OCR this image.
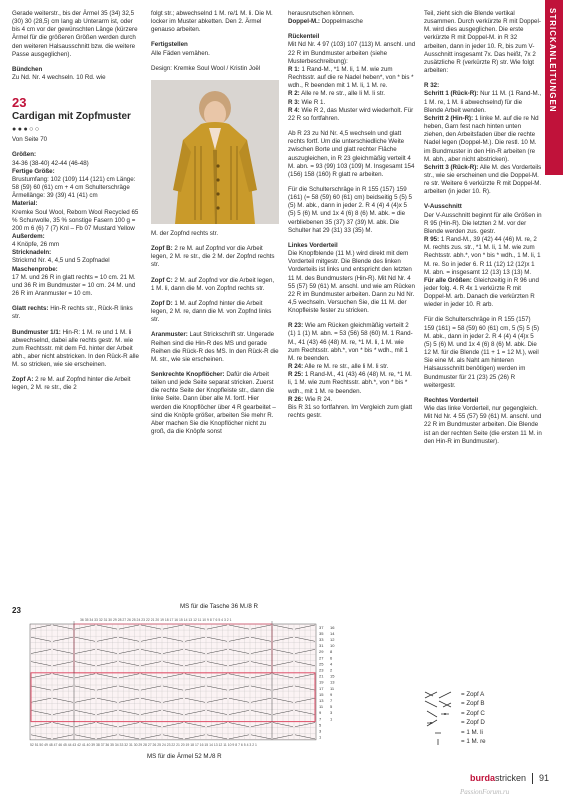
STRICKANLEITUNGEN

Gerade weiterstr., bis der Ärmel 35 (34) 32,5 (30) 30 (28,5) cm lang ab Unterarm ist, oder bis 4 cm vor der gewünschten Länge (kürzere Ärmel für die größeren Größen werden durch den weiteren Halsausschnitt bzw. die weitere Passe ausgeglichen).

Bündchen

Zu Nd. Nr. 4 wechseln. 10 Rd. wie

23
Cardigan mit Zopfmuster
●●●○○

Von Seite 70

Größen:

34-36 (38-40) 42-44 (46-48)

Fertige Größe:

Brustumfang: 102 (109) 114 (121) cm Länge: 58 (59) 60 (61) cm + 4 cm Schulterschräge Ärmellänge: 39 (39) 41 (41) cm

Material:

Kremke Soul Wool, Reborn Wool Recycled 65 % Schurwolle, 35 % sonstige Fasern 100 g = 200 m 6 (6) 7 (7) Knl – Fb 07 Mustard Yellow

Außerdem:

4 Knöpfe, 26 mm

Stricknadeln:

Strickrnd Nr. 4, 4,5 und 5 Zopfnadel

Maschenprobe:

17 M. und 26 R in glatt rechts = 10 cm. 21 M. und 36 R im Bundmuster = 10 cm. 24 M. und 26 R im Aranmuster = 10 cm.

Glatt rechts: Hin-R rechts str., Rück-R links str.

Bundmuster 1/1: Hin-R: 1 M. re und 1 M. li abwechselnd, dabei alle rechts gestr. M. wie zum Rechtsstr. mit dem Fd. hinter der Arbeit abh., aber nicht abstricken. In den Rück-R alle M. so stricken, wie sie erscheinen.

Zopf A: 2 re M. auf Zopfnd hinter die Arbeit legen, 2 M. re str., die 2

folgt str.; abwechselnd 1 M. re/1 M. li. Die M. locker im Muster abketten. Den 2. Ärmel genauso arbeiten.

Fertigstellen

Alle Fäden vernähen.

Design: Kremke Soul Wool / Kristin Joël

M. der Zopfnd rechts str.

Zopf B: 2 re M. auf Zopfnd vor die Arbeit legen, 2 M. re str., die 2 M. der Zopfnd rechts str.

Zopf C: 2 M. auf Zopfnd vor die Arbeit legen, 1 M. li, dann die M. von Zopfnd rechts str.

Zopf D: 1 M. auf Zopfnd hinter die Arbeit legen, 2 M. re, dann die M. von Zopfnd links str.

Aranmuster: Laut Strickschrift str. Ungerade Reihen sind die Hin-R des MS und gerade Reihen die Rück-R des MS. In den Rück-R die M. str., wie sie erscheinen.

Senkrechte Knopflöcher: Dafür die Arbeit teilen und jede Seite separat stricken. Zuerst die rechte Seite der Knopfleiste str., dann die linke Seite. Dann über alle M. fortf. Hier werden die Knopflöcher über 4 R gearbeitet – sind die Knöpfe größer, arbeiten Sie mehr R. Aber machen Sie die Knopflöcher nicht zu groß, da die Knöpfe sonst

herausrutschen können.

Doppel-M.: Doppelmasche

Rückenteil

Mit Nd Nr. 4 97 (103) 107 (113) M. anschl. und 22 R im Bundmuster arbeiten (siehe Musterbeschreibung):

R 1: 1 Rand-M., *1 M. li, 1 M. wie zum Rechtsstr. auf die re Nadel heben*, von * bis * wdh., R beenden mit 1 M. li, 1 M. re.

R 2: Alle re M. re str., alle li M. li str.

R 3: Wie R 1.

R 4: Wie R 2, das Muster wird wiederholt. Für 22 R so fortfahren.

Ab R 23 zu Nd Nr. 4,5 wechseln und glatt rechts fortf. Um die unterschiedliche Weite zwischen Borte und glatt rechter Fläche auszugleichen, in R 23 gleichmäßig verteilt 4 M. abn. = 93 (99) 103 (109) M. Insgesamt 154 (156) 158 (160) R glatt re arbeiten.

Für die Schulterschräge in R 155 (157) 159 (161) (= 58 (59) 60 (61) cm) beidseitig 5 (5) 5 (5) M. abk., dann in jeder 2. R 4 (4) 4 (4)x 5 (5) 5 (6) M. und 1x 4 (6) 8 (6) M. abk. = die verbliebenen 35 (37) 37 (39) M. abk. Die Schulter hat 29 (31) 33 (35) M.

Linkes Vorderteil

Die Knopfblende (11 M.) wird direkt mit dem Vorderteil mitgestr. Die Blende des linken Vorderteils ist links und entspricht den letzten 11 M. des Bundmusters (Hin-R). Mit Nd Nr. 4 55 (57) 59 (61) M. anschl. und wie am Rücken 22 R im Bundmuster arbeiten. Dann zu Nd Nr. 4,5 wechseln. Versuchen Sie, die 11 M. der Knopfleiste fester zu stricken.

R 23: Wie am Rücken gleichmäßig verteilt 2 (1) 1 (1) M. abn. = 53 (56) 58 (60) M. 1 Rand-M., 41 (43) 46 (48) M. re, *1 M. li, 1 M. wie zum Rechtsstr. abh.*, von * bis * wdh., mit 1 M. re beenden.

R 24: Alle re M. re str., alle li M. li str.

R 25: 1 Rand-M., 41 (43) 46 (48) M. re, *1 M. li, 1 M. wie zum Rechtsstr. abh.*, von * bis * wdh., mit 1 M. re beenden.

R 26: Wie R 24.

Bis R 31 so fortfahren. Im Vergleich zum glatt rechts gestr.

Teil, zieht sich die Blende vertikal zusammen. Durch verkürzte R mit Doppel-M. wird dies ausgeglichen. Die erste verkürzte R mit Doppel-M. in R 32 arbeiten, dann in jeder 10. R, bis zum V-Ausschnitt insgesamt 7x. Das heißt, 7x 2 zusätzliche R (verkürzte R) str. Wie folgt arbeiten:

R 32:

Schritt 1 (Rück-R): Nur 11 M. (1 Rand-M., 1 M. re, 1 M. li abwechselnd) für die Blende Arbeit wenden.

Schritt 2 (Hin-R): 1 linke M. auf die re Nd heben, Garn fest nach hinten unten ziehen, den Arbeitsfaden über die rechte Nadel legen (Doppel-M.). Die restl. 10 M. im Bundmuster in den Hin-R arbeiten (re M. abh., aber nicht abstricken).

Schritt 3 (Rück-R): Alle M. des Vorderteils str., wie sie erscheinen und die Doppel-M. re str. Weitere 6 verkürzte R mit Doppel-M. arbeiten (in jeder 10. R).

V-Ausschnitt

Der V-Ausschnitt beginnt für alle Größen in R 95 (Hin-R). Die letzten 2 M. vor der Blende werden zus. gestr.

R 95: 1 Rand-M., 39 (42) 44 (46) M. re, 2 M. rechts zus. str., *1 M. li, 1 M. wie zum Rechtsstr. abh.*, von * bis * wdh., 1 M. li, 1 M. re. So in jeder 6. R 11 (12) 12 (12)x 1 M. abn. = insgesamt 12 (13) 13 (13) M.

Für alle Größen: Gleichzeitig in R 96 und jeder folg. 4. R 4x 1 verkürzte R mit Doppel-M. arb. Danach die verkürzten R wieder in jeder 10. R arb.

Für die Schulterschräge in R 155 (157) 159 (161) = 58 (59) 60 (61) cm, 5 (5) 5 (5) M. abk., dann in jeder 2. R 4 (4) 4 (4)x 5 (5) 5 (6) M. und 1x 4 (6) 8 (6) M. abk. Die 12 M. für die Blende (11 + 1 = 12 M.), weil Sie eine M. als Naht am hinteren Halsausschnitt benötigen) werden im Bundmuster für 21 (23) 25 (26) R weitergestr.

Rechtes Vorderteil

Wie das linke Vorderteil, nur gegengleich. Mit Nd Nr. 4 55 (57) 59 (61) M. anschl. und 22 R im Bundmuster arbeiten. Die Blende ist an der rechten Seite (die ersten 11 M. in den Hin-R im Bundmuster).

23	MS für die Tasche 36 M./8 R
MS für die Ärmel 52 M./8 R
36 35 34 33 32 31 30 29 28 27 26 25 24 23 22 21 20 19 18 17 16 15 14 13 12 11 10 9 8 7 6 5 4 3 2 1
52 51 50 49 48 47 46 45 44 43 42 41 40 39 38 37 36 35 34 33 32 31 30 29 28 27 26 25 24 23 22 21 20 19 18 17 16 15 14 13 12 11 10 9 8 7 6 5 4 3 2 1
37
35
33
31
29
27
25
23
21
19
17
15
13
11
9
7
5
3
1
16
14
12
10
8
6
4
2
15
13
11
9
7
5
3
1
= Zopf A
= Zopf B
= Zopf C
= Zopf D
= 1 M. li
= 1 M. re
burdastricken 91
PassionForum.ru
